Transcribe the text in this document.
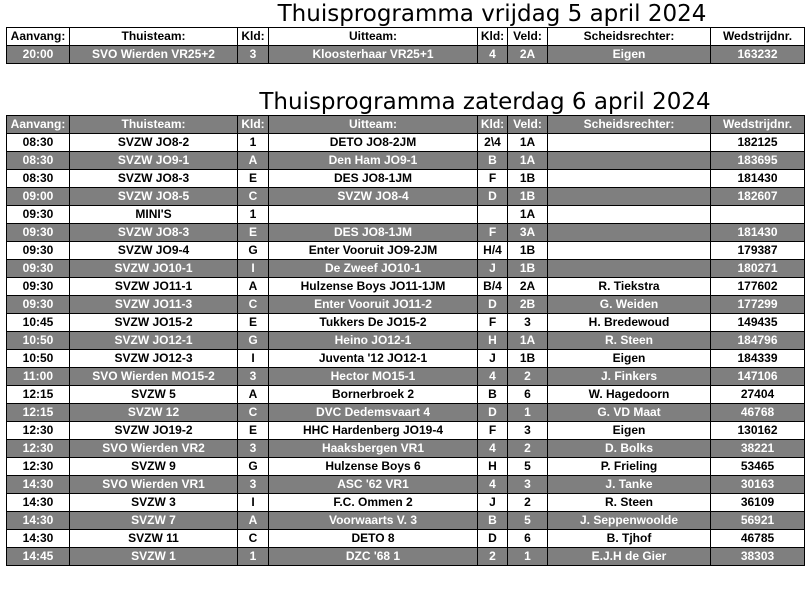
Thuisprogramma vrijdag 5 april 2024
Aanvang:	Thuisteam:	Kld:	Uitteam:	Kld:	Veld:	Scheidsrechter:	Wedstrijdnr.
20:00	SVO Wierden VR25+2	3	Kloosterhaar VR25+1	4	2A	Eigen	163232
Thuisprogramma zaterdag 6 april 2024
Aanvang:	Thuisteam:	Kld:	Uitteam:	Kld:	Veld:	Scheidsrechter:	Wedstrijdnr.
08:30	SVZW JO8-2	1	DETO JO8-2JM	2\4	1A		182125
08:30	SVZW JO9-1	A	Den Ham JO9-1	B	1A		183695
08:30	SVZW JO8-3	E	DES JO8-1JM	F	1B		181430
09:00	SVZW JO8-5	C	SVZW JO8-4	D	1B		182607
09:30	MINI'S	1			1A		
09:30	SVZW JO8-3	E	DES JO8-1JM	F	3A		181430
09:30	SVZW JO9-4	G	Enter Vooruit JO9-2JM	H/4	1B		179387
09:30	SVZW JO10-1	I	De Zweef JO10-1	J	1B		180271
09:30	SVZW JO11-1	A	Hulzense Boys JO11-1JM	B/4	2A	R. Tiekstra	177602
09:30	SVZW JO11-3	C	Enter Vooruit JO11-2	D	2B	G. Weiden	177299
10:45	SVZW JO15-2	E	Tukkers De JO15-2	F	3	H. Bredewoud	149435
10:50	SVZW JO12-1	G	Heino JO12-1	H	1A	R. Steen	184796
10:50	SVZW JO12-3	I	Juventa '12 JO12-1	J	1B	Eigen	184339
11:00	SVO Wierden MO15-2	3	Hector MO15-1	4	2	J. Finkers	147106
12:15	SVZW 5	A	Bornerbroek 2	B	6	W. Hagedoorn	27404
12:15	SVZW 12	C	DVC Dedemsvaart 4	D	1	G. VD Maat	46768
12:30	SVZW JO19-2	E	HHC Hardenberg JO19-4	F	3	Eigen	130162
12:30	SVO Wierden VR2	3	Haaksbergen VR1	4	2	D. Bolks	38221
12:30	SVZW 9	G	Hulzense Boys 6	H	5	P. Frieling	53465
14:30	SVO Wierden VR1	3	ASC '62 VR1	4	3	J. Tanke	30163
14:30	SVZW 3	I	F.C. Ommen 2	J	2	R. Steen	36109
14:30	SVZW 7	A	Voorwaarts V. 3	B	5	J. Seppenwoolde	56921
14:30	SVZW 11	C	DETO 8	D	6	B. Tjhof	46785
14:45	SVZW 1	1	DZC '68 1	2	1	E.J.H de Gier	38303
